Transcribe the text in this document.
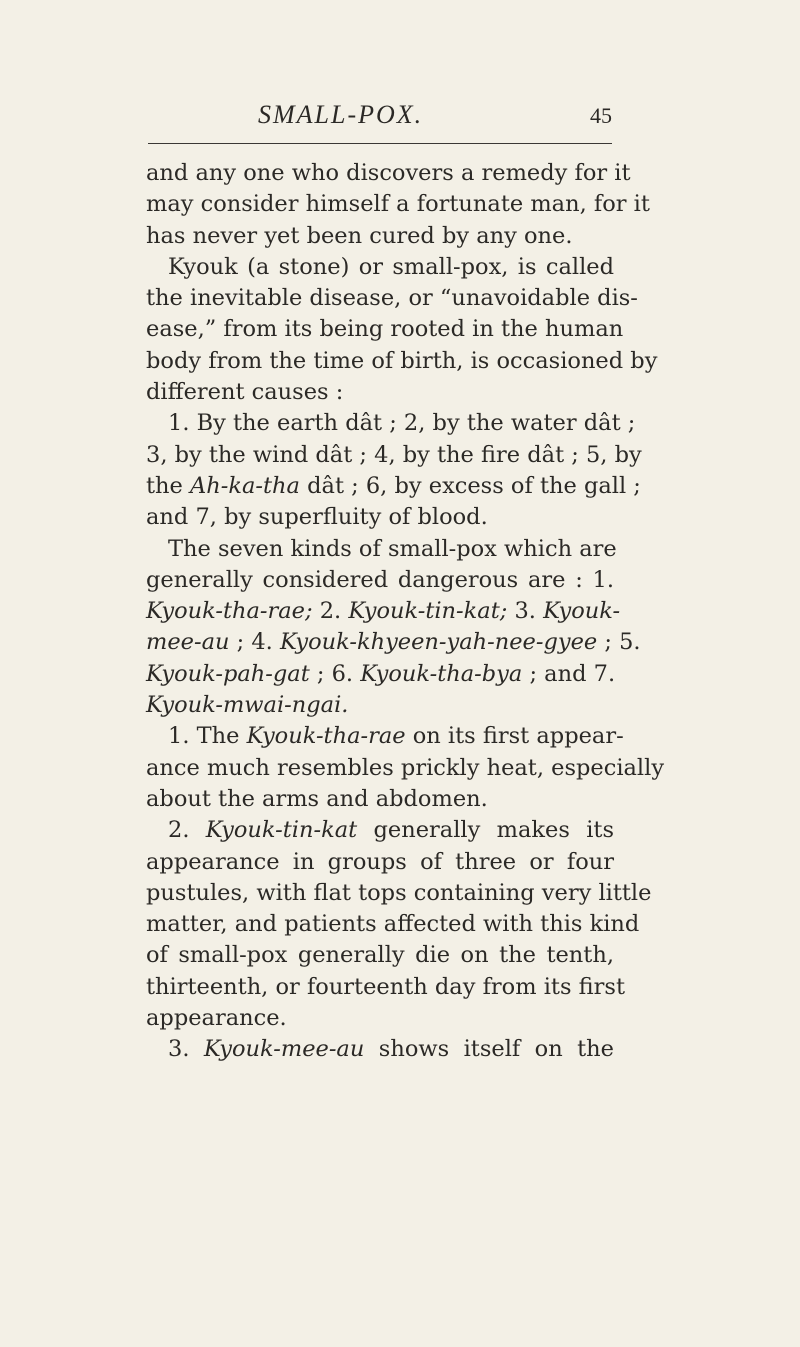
SMALL-POX.	45
and any one who discovers a remedy for it
may consider himself a fortunate man, for it
has never yet been cured by any one.
Kyouk (a stone) or small-pox, is called
the inevitable disease, or “unavoidable dis-
ease,” from its being rooted in the human
body from the time of birth, is occasioned by
different causes :
1. By the earth dât ; 2, by the water dât ;
3, by the wind dât ; 4, by the fire dât ; 5, by
the Ah-ka-tha dât ; 6, by excess of the gall ;
and 7, by superfluity of blood.
The seven kinds of small-pox which are
generally considered dangerous are : 1.
Kyouk-tha-rae; 2. Kyouk-tin-kat; 3. Kyouk-
mee-au ; 4. Kyouk-khyeen-yah-nee-gyee ; 5.
Kyouk-pah-gat ; 6. Kyouk-tha-bya ; and 7.
Kyouk-mwai-ngai.
1. The Kyouk-tha-rae on its first appear-
ance much resembles prickly heat, especially
about the arms and abdomen.
2. Kyouk-tin-kat generally makes its
appearance in groups of three or four
pustules, with flat tops containing very little
matter, and patients affected with this kind
of small-pox generally die on the tenth,
thirteenth, or fourteenth day from its first
appearance.
3. Kyouk-mee-au shows itself on the
